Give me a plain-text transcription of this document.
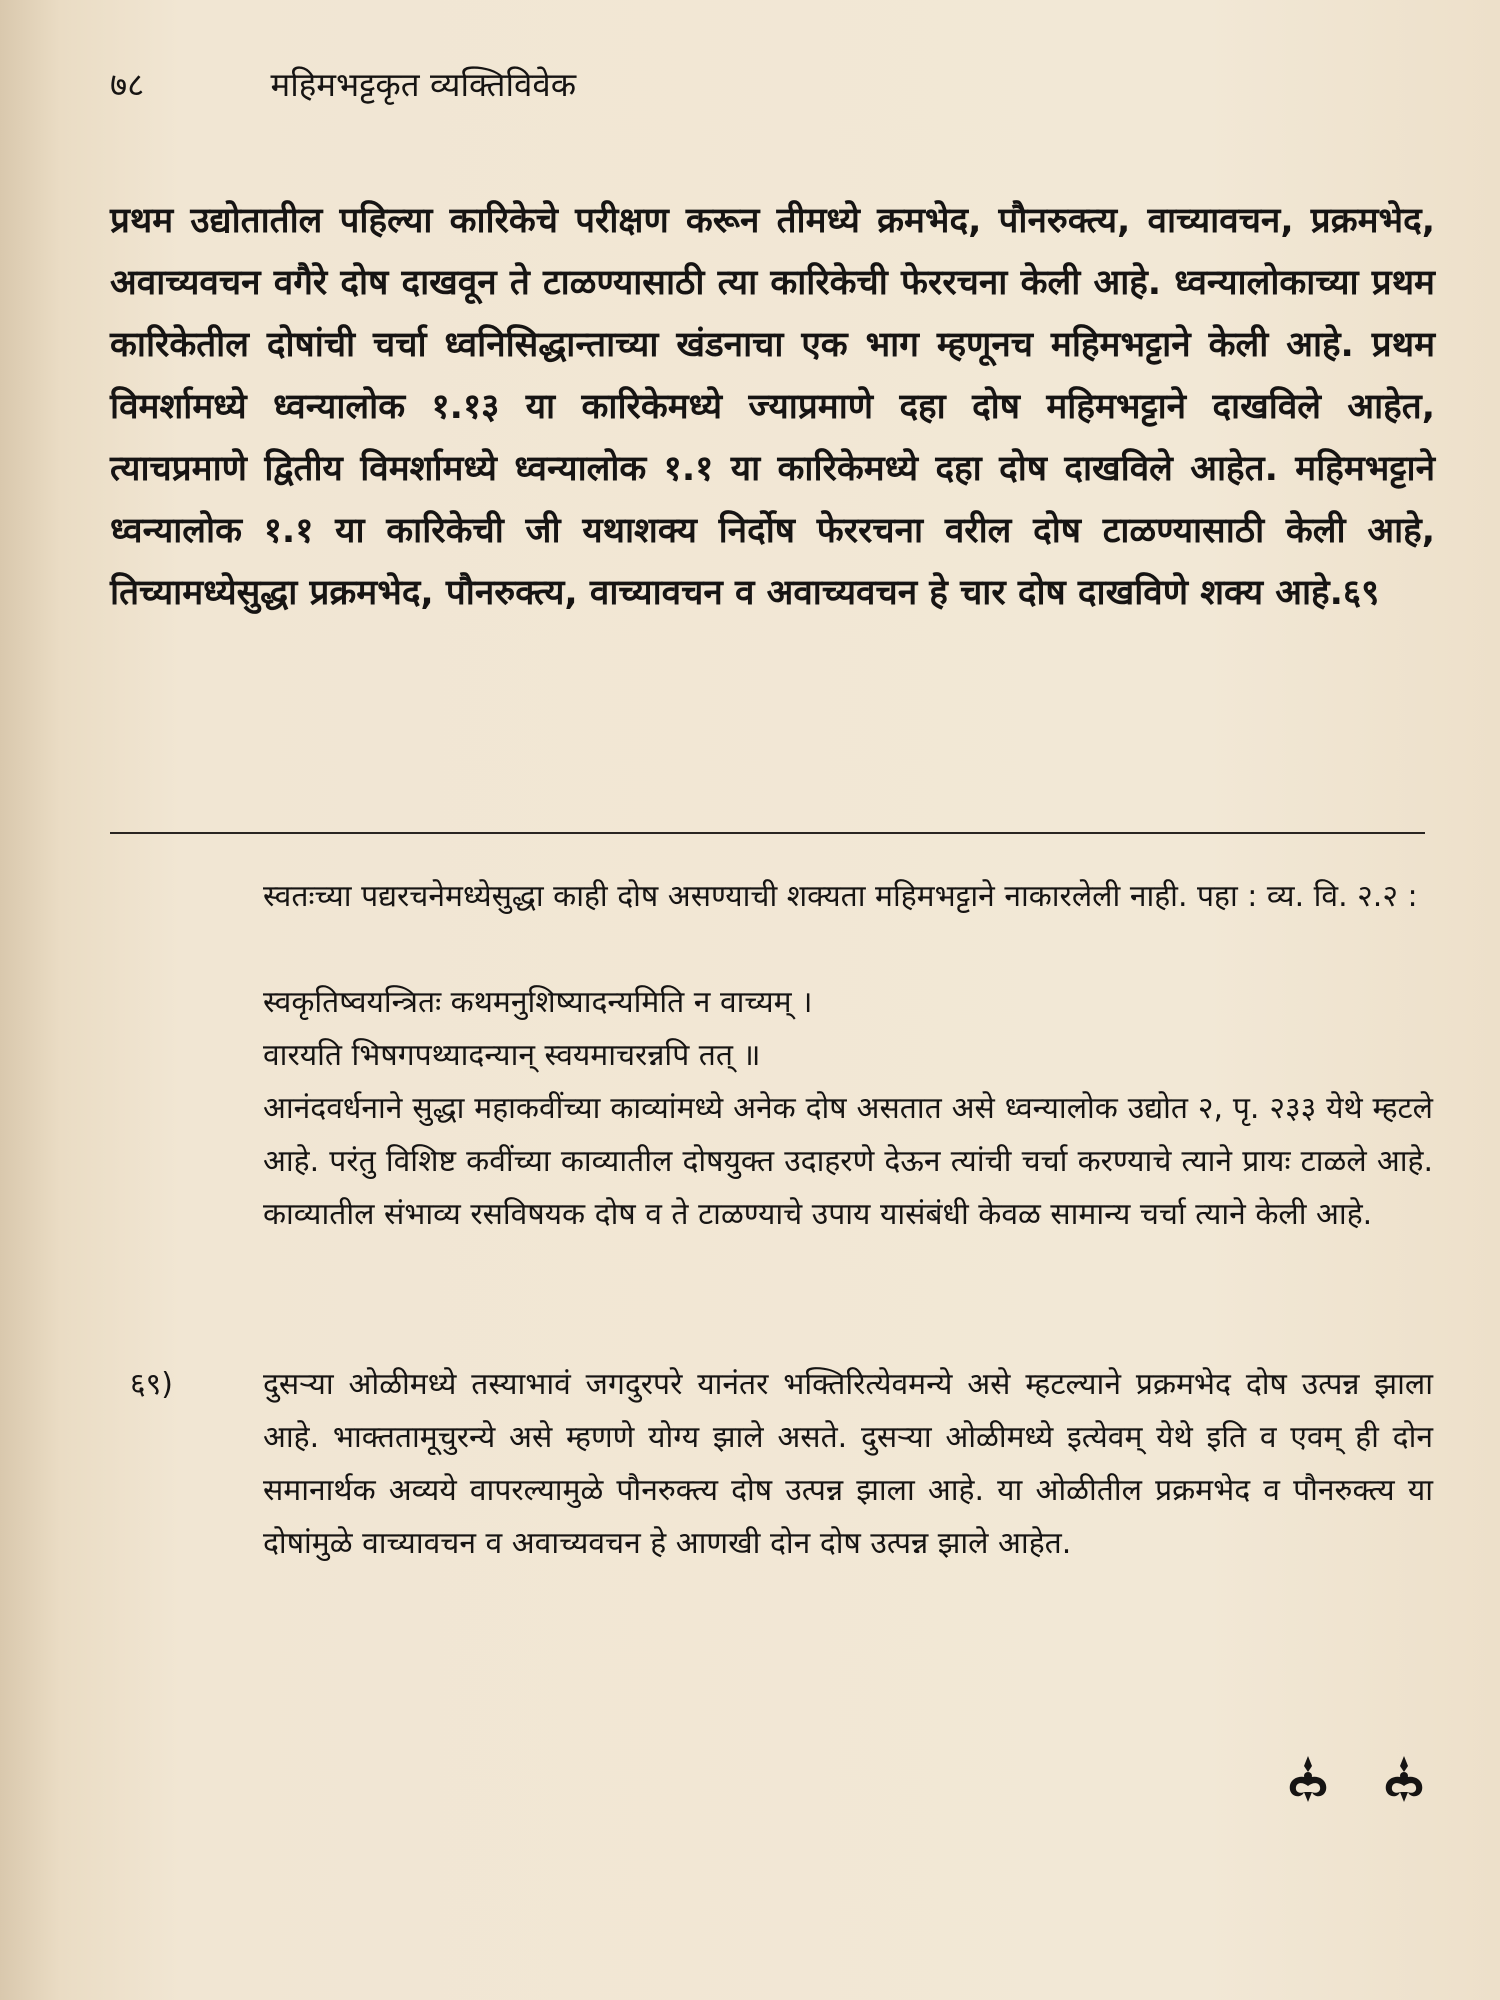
७८	महिमभट्टकृत व्यक्तिविवेक

प्रथम उद्योतातील पहिल्या कारिकेचे परीक्षण करून तीमध्ये क्रमभेद, पौनरुक्त्य, वाच्यावचन, प्रक्रमभेद, अवाच्यवचन वगैरे दोष दाखवून ते टाळण्यासाठी त्या कारिकेची फेररचना केली आहे. ध्वन्यालोकाच्या प्रथम कारिकेतील दोषांची चर्चा ध्वनिसिद्धान्ताच्या खंडनाचा एक भाग म्हणूनच महिमभट्टाने केली आहे. प्रथम विमर्शामध्ये ध्वन्यालोक १.१३ या कारिकेमध्ये ज्याप्रमाणे दहा दोष महिमभट्टाने दाखविले आहेत, त्याचप्रमाणे द्वितीय विमर्शामध्ये ध्वन्यालोक १.१ या कारिकेमध्ये दहा दोष दाखविले आहेत. महिमभट्टाने ध्वन्यालोक १.१ या कारिकेची जी यथाशक्य निर्दोष फेररचना वरील दोष टाळण्यासाठी केली आहे, तिच्यामध्येसुद्धा प्रक्रमभेद, पौनरुक्त्य, वाच्यावचन व अवाच्यवचन हे चार दोष दाखविणे शक्य आहे.६९

स्वतःच्या पद्यरचनेमध्येसुद्धा काही दोष असण्याची शक्यता महिमभट्टाने नाकारलेली नाही. पहा : व्य. वि. २.२ :

स्वकृतिष्वयन्त्रितः कथमनुशिष्यादन्यमिति न वाच्यम् ।
वारयति भिषगपथ्यादन्यान् स्वयमाचरन्नपि तत् ॥

आनंदवर्धनाने सुद्धा महाकवींच्या काव्यांमध्ये अनेक दोष असतात असे ध्वन्यालोक उद्योत २, पृ. २३३ येथे म्हटले आहे. परंतु विशिष्ट कवींच्या काव्यातील दोषयुक्त उदाहरणे देऊन त्यांची चर्चा करण्याचे त्याने प्रायः टाळले आहे. काव्यातील संभाव्य रसविषयक दोष व ते टाळण्याचे उपाय यासंबंधी केवळ सामान्य चर्चा त्याने केली आहे.

६९)	दुसऱ्या ओळीमध्ये तस्याभावं जगदुरपरे यानंतर भक्तिरित्येवमन्ये असे म्हटल्याने प्रक्रमभेद दोष उत्पन्न झाला आहे. भाक्ततामूचुरन्ये असे म्हणणे योग्य झाले असते. दुसऱ्या ओळीमध्ये इत्येवम् येथे इति व एवम् ही दोन समानार्थक अव्यये वापरल्यामुळे पौनरुक्त्य दोष उत्पन्न झाला आहे. या ओळीतील प्रक्रमभेद व पौनरुक्त्य या दोषांमुळे वाच्यावचन व अवाच्यवचन हे आणखी दोन दोष उत्पन्न झाले आहेत.
